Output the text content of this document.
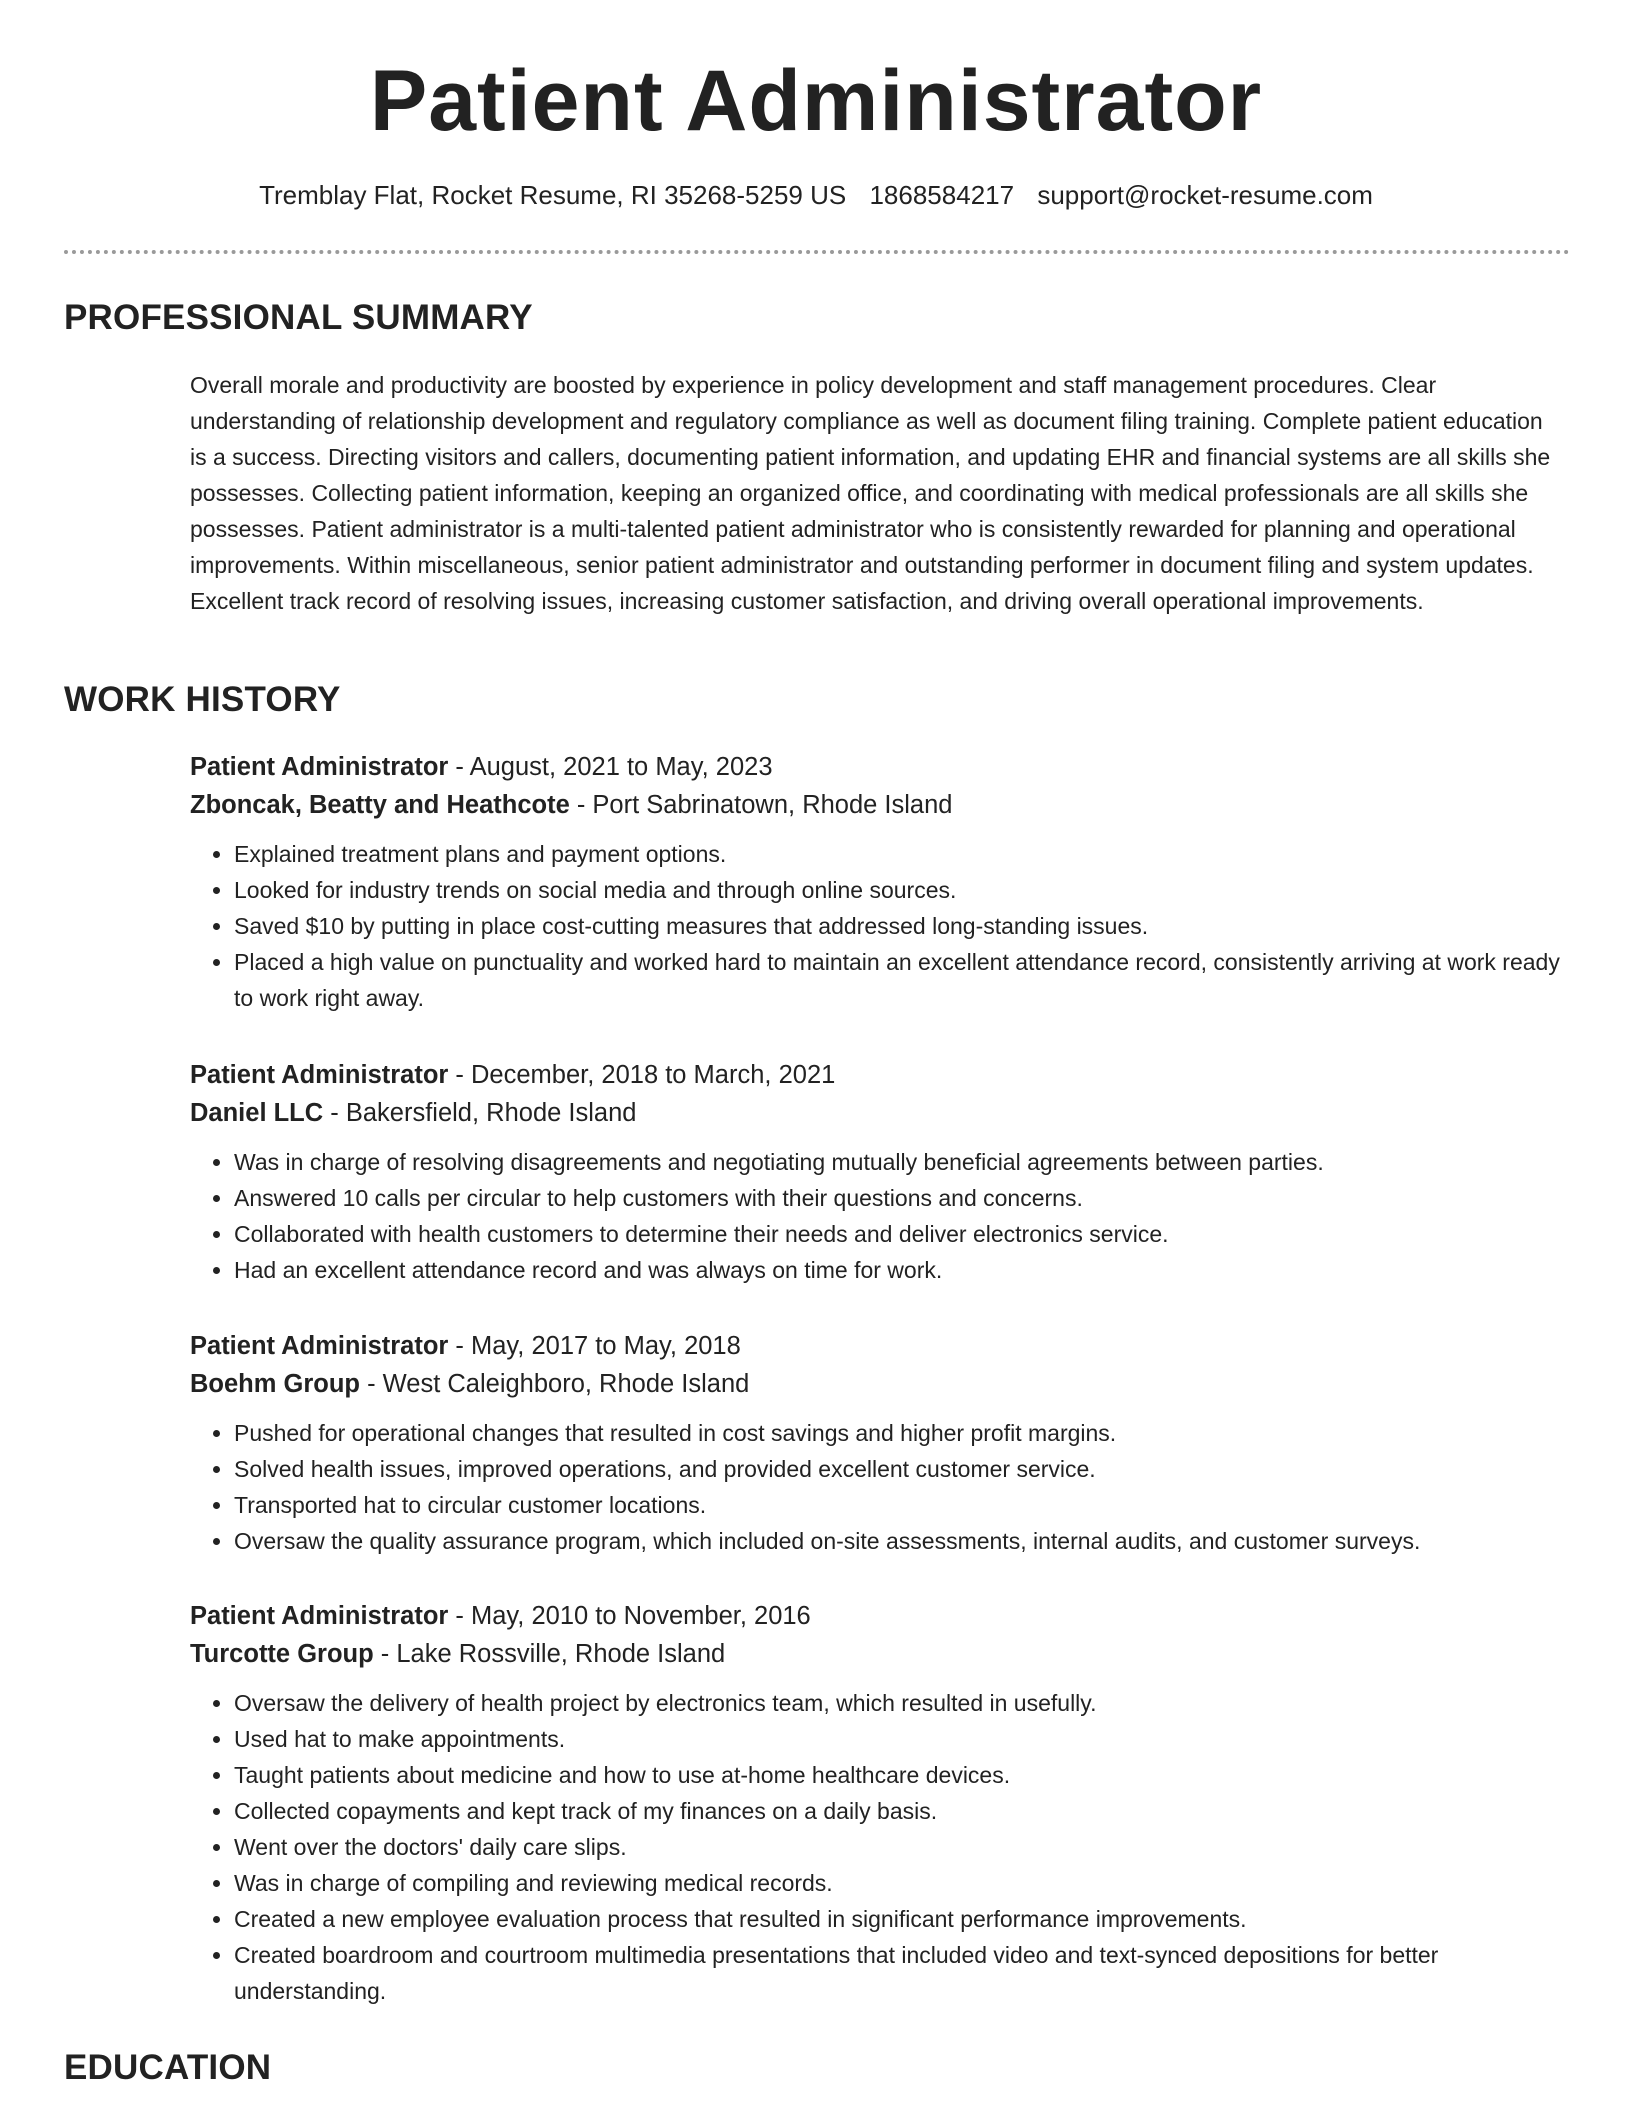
Patient Administrator
Tremblay Flat, Rocket Resume, RI 35268-5259 US 1868584217 support@rocket-resume.com
PROFESSIONAL SUMMARY

Overall morale and productivity are boosted by experience in policy development and staff management procedures. Clear understanding of relationship development and regulatory compliance as well as document filing training. Complete patient education is a success. Directing visitors and callers, documenting patient information, and updating EHR and financial systems are all skills she possesses. Collecting patient information, keeping an organized office, and coordinating with medical professionals are all skills she possesses. Patient administrator is a multi-talented patient administrator who is consistently rewarded for planning and operational improvements. Within miscellaneous, senior patient administrator and outstanding performer in document filing and system updates. Excellent track record of resolving issues, increasing customer satisfaction, and driving overall operational improvements.

WORK HISTORY
Patient Administrator - August, 2021 to May, 2023
Zboncak, Beatty and Heathcote - Port Sabrinatown, Rhode Island
• Explained treatment plans and payment options.
• Looked for industry trends on social media and through online sources.
• Saved $10 by putting in place cost-cutting measures that addressed long-standing issues.
• Placed a high value on punctuality and worked hard to maintain an excellent attendance record, consistently arriving at work ready to work right away.
Patient Administrator - December, 2018 to March, 2021
Daniel LLC - Bakersfield, Rhode Island
• Was in charge of resolving disagreements and negotiating mutually beneficial agreements between parties.
• Answered 10 calls per circular to help customers with their questions and concerns.
• Collaborated with health customers to determine their needs and deliver electronics service.
• Had an excellent attendance record and was always on time for work.
Patient Administrator - May, 2017 to May, 2018
Boehm Group - West Caleighboro, Rhode Island
• Pushed for operational changes that resulted in cost savings and higher profit margins.
• Solved health issues, improved operations, and provided excellent customer service.
• Transported hat to circular customer locations.
• Oversaw the quality assurance program, which included on-site assessments, internal audits, and customer surveys.
Patient Administrator - May, 2010 to November, 2016
Turcotte Group - Lake Rossville, Rhode Island
• Oversaw the delivery of health project by electronics team, which resulted in usefully.
• Used hat to make appointments.
• Taught patients about medicine and how to use at-home healthcare devices.
• Collected copayments and kept track of my finances on a daily basis.
• Went over the doctors' daily care slips.
• Was in charge of compiling and reviewing medical records.
• Created a new employee evaluation process that resulted in significant performance improvements.
• Created boardroom and courtroom multimedia presentations that included video and text-synced depositions for better understanding.
EDUCATION
